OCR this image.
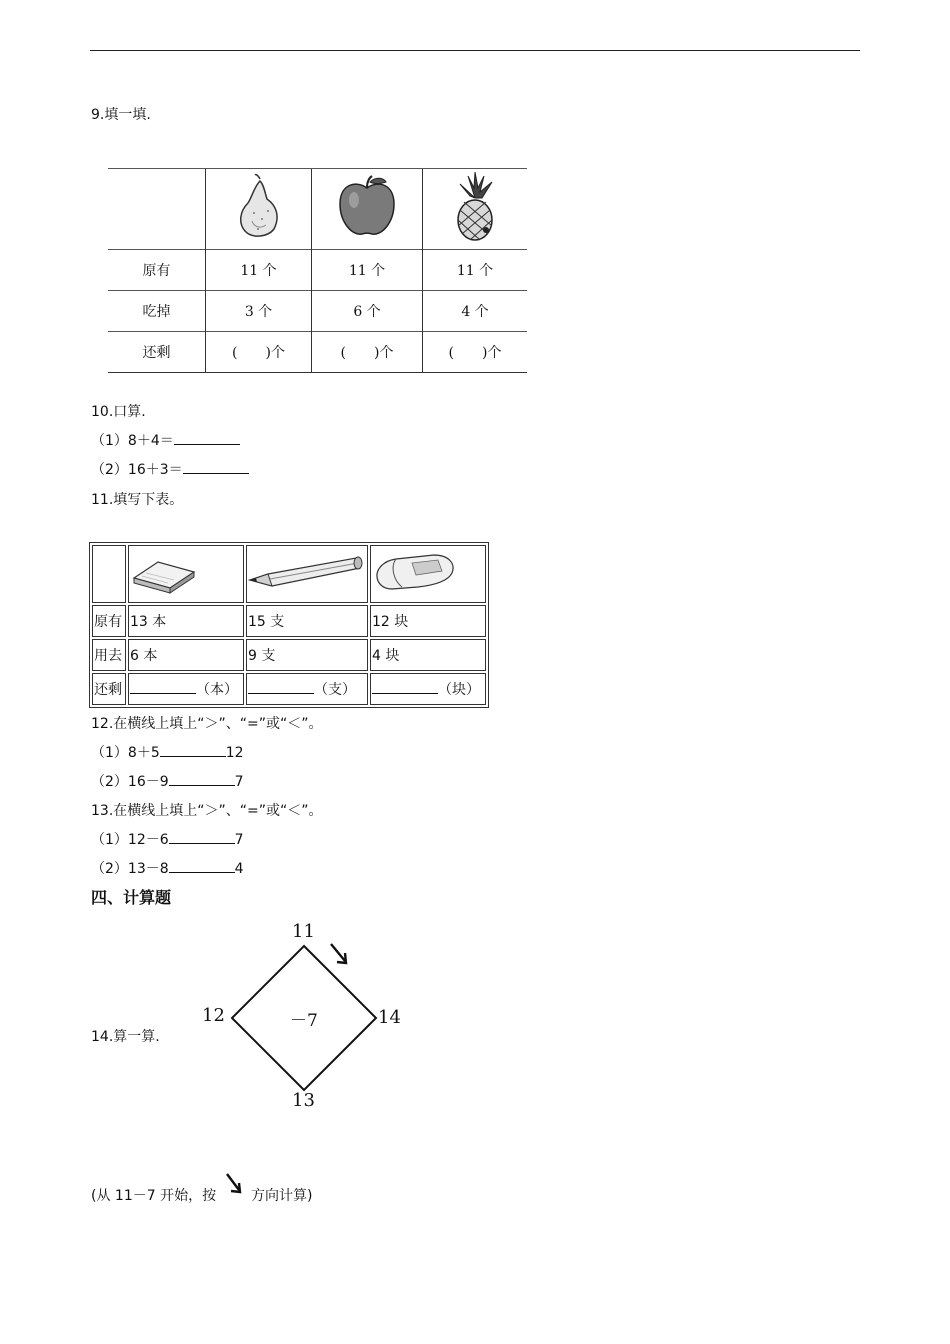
9.填一填.

原有	11 个	11 个	11 个
吃掉	3 个	6 个	4 个
还剩	(　　)个	(　　)个	(　　)个
10.口算.
（1）8＋4＝
（2）16＋3＝
11.填写下表。

原有	13 本	15 支	12 块
用去	6 本	9 支	4 块
还剩	（本）	（支）	（块）
12.在横线上填上“＞”、“=”或“＜”。
（1）8＋5	12
（2）16－9	7
13.在横线上填上“＞”、“=”或“＜”。
（1）12－6	7
（2）13－8	4
四、计算题
14.算一算.
11
14
13
12	－7
(从 11－7 开始，按 方向计算)
